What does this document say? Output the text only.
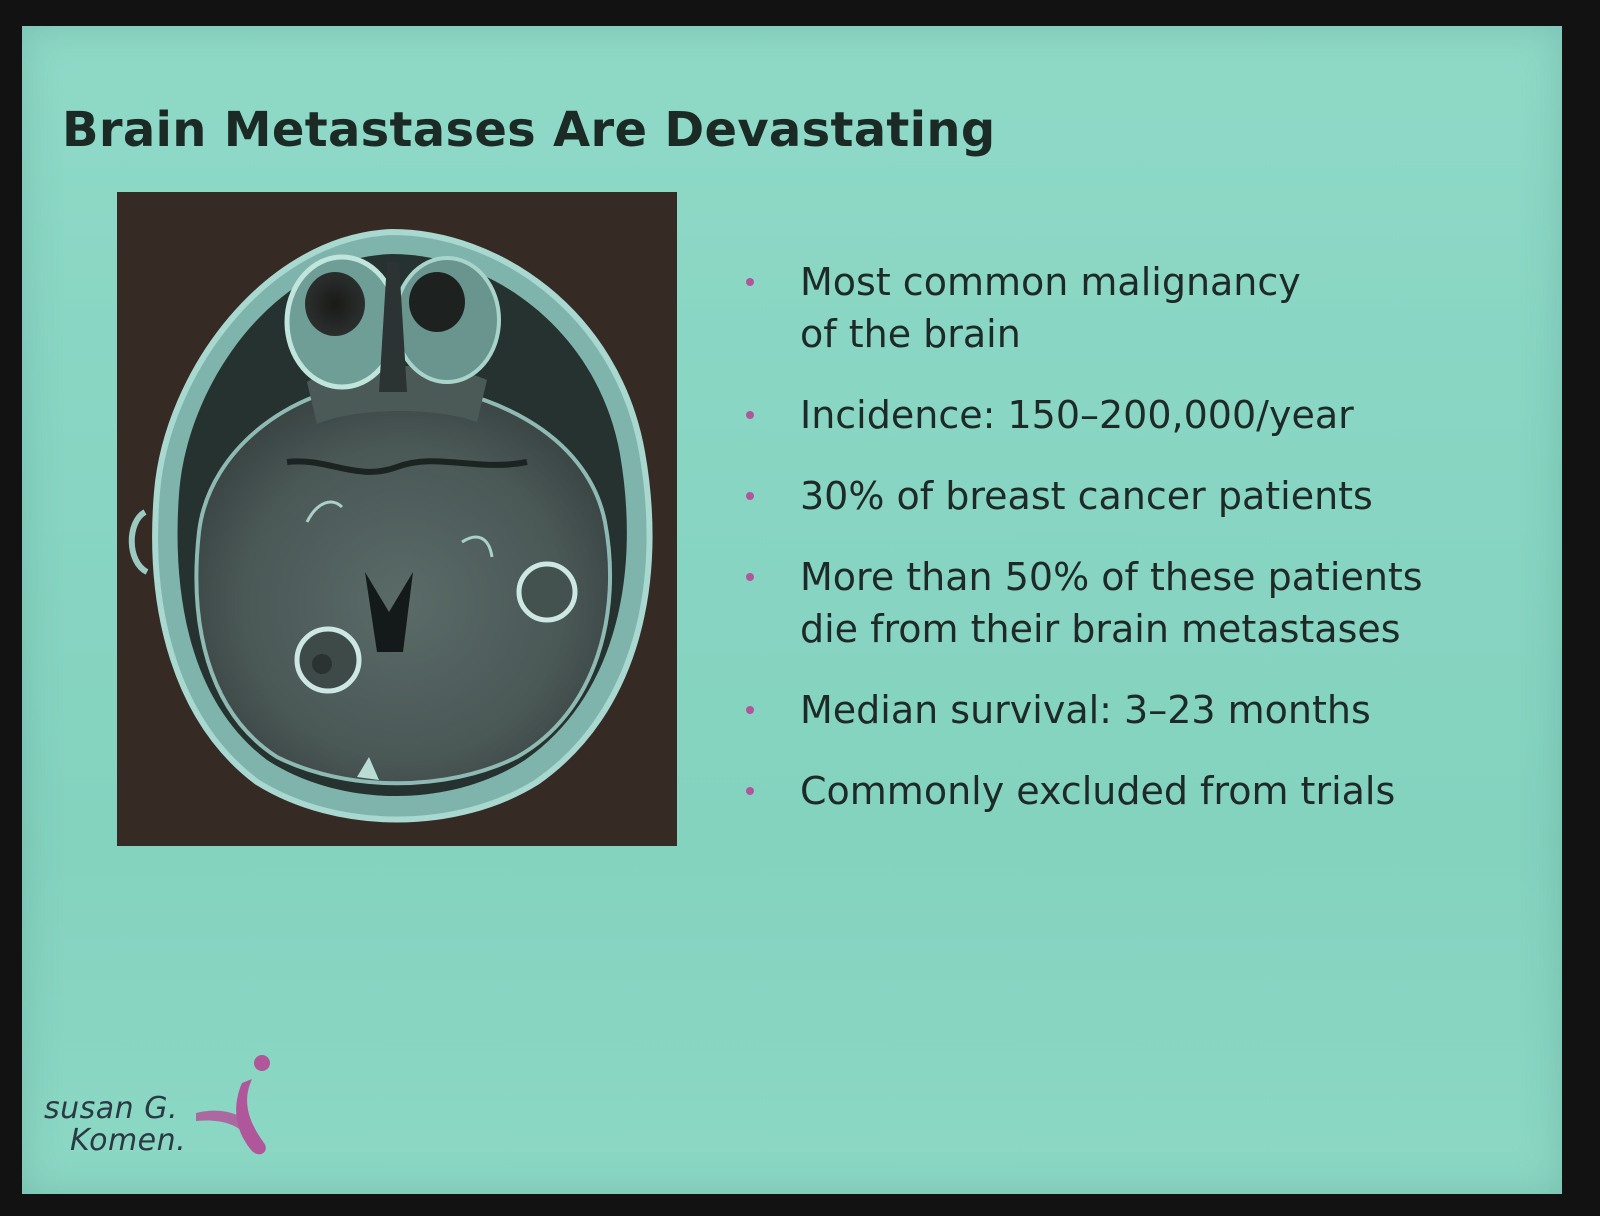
Brain Metastases Are Devastating
Most common malignancy
of the brain
Incidence: 150–200,000/year
30% of breast cancer patients
More than 50% of these patients
die from their brain metastases
Median survival: 3–23 months
Commonly excluded from trials
susan G.
Komen.
